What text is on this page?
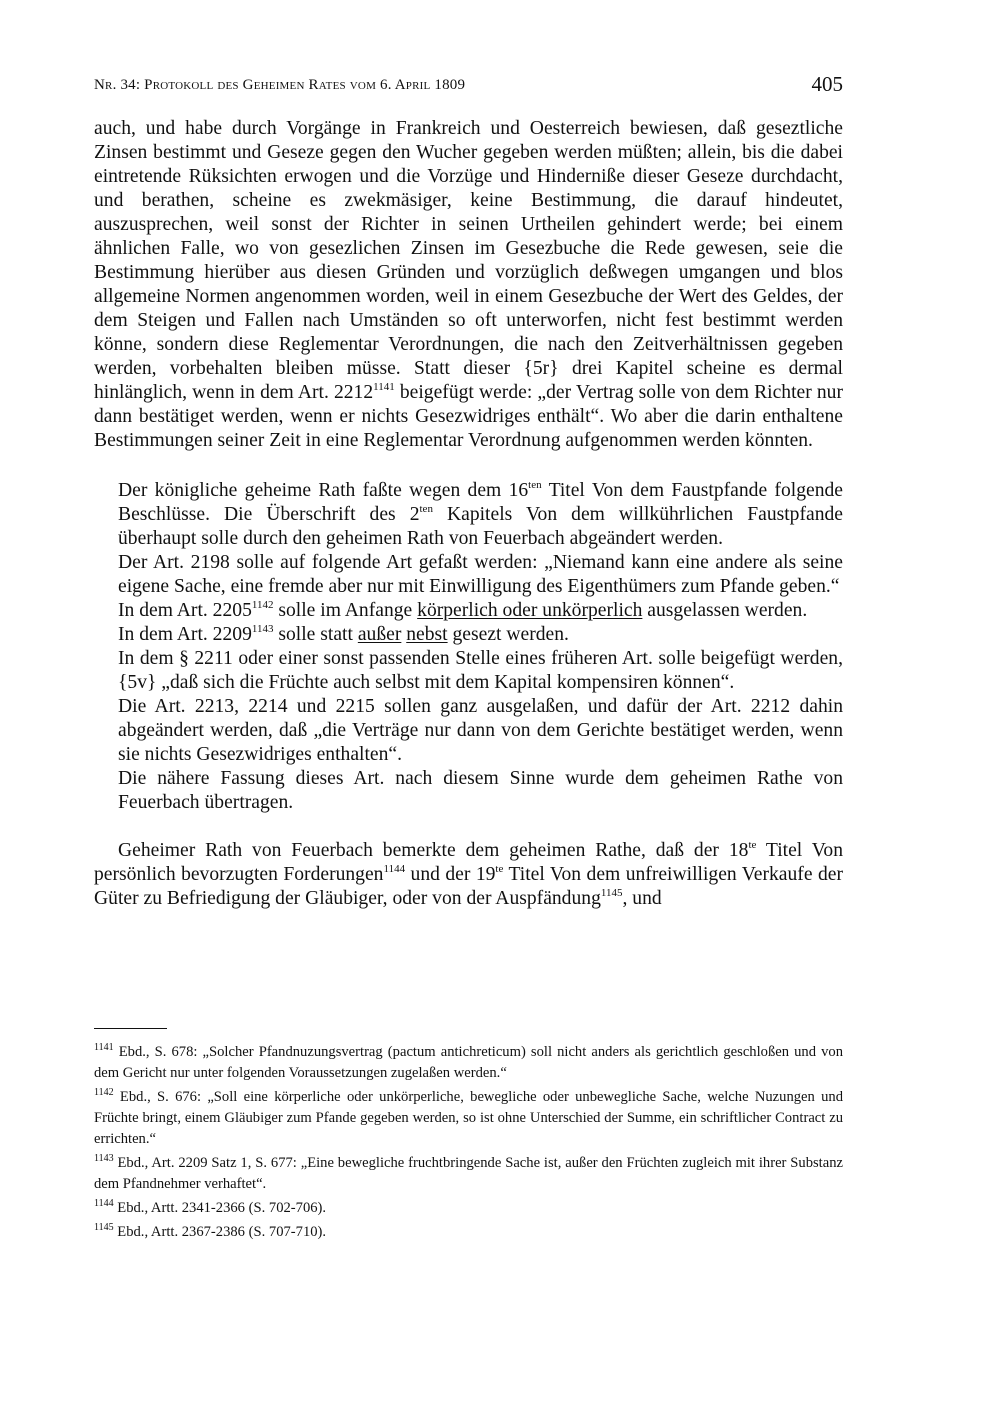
Nr. 34: Protokoll des Geheimen Rates vom 6. April 1809	405

auch, und habe durch Vorgänge in Frankreich und Oesterreich bewiesen, daß geseztliche Zinsen bestimmt und Geseze gegen den Wucher gegeben werden müßten; allein, bis die dabei eintretende Rüksichten erwogen und die Vorzüge und Hinderniße dieser Geseze durchdacht, und berathen, scheine es zwekmäsiger, keine Bestimmung, die darauf hindeutet, auszusprechen, weil sonst der Richter in seinen Urtheilen gehindert werde; bei einem ähnlichen Falle, wo von gesezlichen Zinsen im Gesezbuche die Rede gewesen, seie die Bestimmung hierüber aus diesen Gründen und vorzüglich deßwegen umgangen und blos allgemeine Normen angenommen worden, weil in einem Gesezbuche der Wert des Geldes, der dem Steigen und Fallen nach Umständen so oft unterworfen, nicht fest bestimmt werden könne, sondern diese Reglementar Verordnungen, die nach den Zeitverhältnissen gegeben werden, vorbehalten bleiben müsse. Statt dieser {5r} drei Kapitel scheine es dermal hinlänglich, wenn in dem Art. $2212^{1141}$ beigefügt werde: „der Vertrag solle von dem Richter nur dann bestätiget werden, wenn er nichts Gesezwidriges enthält“. Wo aber die darin enthaltene Bestimmungen seiner Zeit in eine Reglementar Verordnung aufgenommen werden könnten.

Der königliche geheime Rath faßte wegen dem $16^{ten}$ Titel Von dem Faustpfande folgende Beschlüsse. Die Überschrift des $2^{ten}$ Kapitels Von dem willkührlichen Faustpfande überhaupt solle durch den geheimen Rath von Feuerbach abgeändert werden.

Der Art. 2198 solle auf folgende Art gefaßt werden: „Niemand kann eine andere als seine eigene Sache, eine fremde aber nur mit Einwilligung des Eigenthümers zum Pfande geben.“

In dem Art. $2205^{1142}$ solle im Anfange körperlich oder unkörperlich ausgelassen werden.

In dem Art. $2209^{1143}$ solle statt außer nebst gesezt werden.

In dem § 2211 oder einer sonst passenden Stelle eines früheren Art. solle beigefügt werden, {5v} „daß sich die Früchte auch selbst mit dem Kapital kompensiren können“.

Die Art. 2213, 2214 und 2215 sollen ganz ausgelaßen, und dafür der Art. 2212 dahin abgeändert werden, daß „die Verträge nur dann von dem Gerichte bestätiget werden, wenn sie nichts Gesezwidriges enthalten“.

Die nähere Fassung dieses Art. nach diesem Sinne wurde dem geheimen Rathe von Feuerbach übertragen.

Geheimer Rath von Feuerbach bemerkte dem geheimen Rathe, daß der $18^{te}$ Titel Von persönlich bevorzugten Forderungen$^{1144}$ und der $19^{te}$ Titel Von dem unfreiwilligen Verkaufe der Güter zu Befriedigung der Gläubiger, oder von der Auspfändung$^{1145}$, und

$^{1141}$ Ebd., S. 678: „Solcher Pfandnuzungsvertrag (pactum antichreticum) soll nicht anders als gerichtlich geschloßen und von dem Gericht nur unter folgenden Voraussetzungen zugelaßen werden.“

$^{1142}$ Ebd., S. 676: „Soll eine körperliche oder unkörperliche, bewegliche oder unbewegliche Sache, welche Nuzungen und Früchte bringt, einem Gläubiger zum Pfande gegeben werden, so ist ohne Unterschied der Summe, ein schriftlicher Contract zu errichten.“

$^{1143}$ Ebd., Art. 2209 Satz 1, S. 677: „Eine bewegliche fruchtbringende Sache ist, außer den Früchten zugleich mit ihrer Substanz dem Pfandnehmer verhaftet“.

$^{1144}$ Ebd., Artt. 2341-2366 (S. 702-706).

$^{1145}$ Ebd., Artt. 2367-2386 (S. 707-710).
